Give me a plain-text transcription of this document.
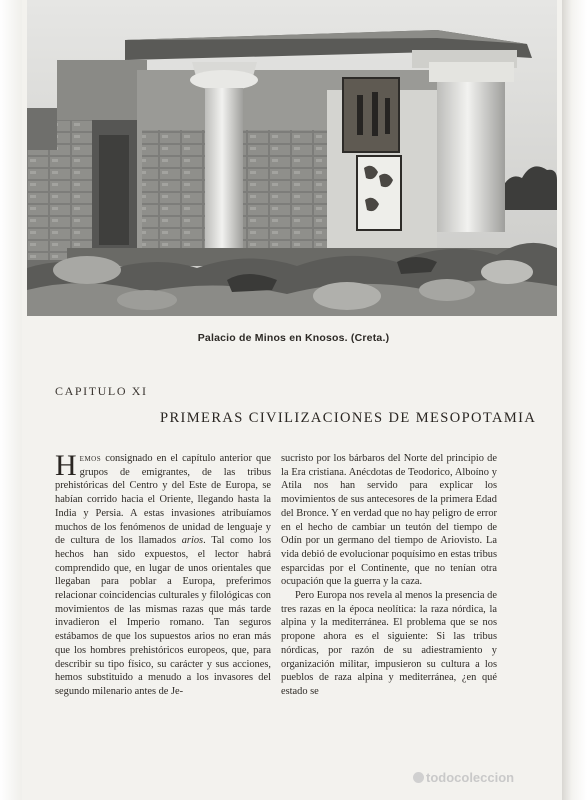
Palacio de Minos en Knosos. (Creta.)
CAPITULO XI
PRIMERAS CIVILIZACIONES DE MESOPOTAMIA

Hemos consignado en el capítulo anterior que grupos de emigrantes, de las tribus prehistóricas del Centro y del Este de Europa, se habían corrido hacia el Oriente, llegando hasta la India y Persia. A estas invasiones atribuíamos muchos de los fenómenos de unidad de lenguaje y de cultura de los llamados arios. Tal como los hechos han sido expuestos, el lector habrá comprendido que, en lugar de unos orientales que llegaban para poblar a Europa, preferimos relacionar coincidencias culturales y filológicas con movimientos de las mismas razas que más tarde invadieron el Imperio romano. Tan seguros estábamos de que los supuestos arios no eran más que los hombres prehistóricos europeos, que, para describir su tipo físico, su carácter y sus acciones, hemos substituido a menudo a los invasores del segundo milenario antes de Je-

sucristo por los bárbaros del Norte del principio de la Era cristiana. Anécdotas de Teodorico, Alboíno y Atila nos han servido para explicar los movimientos de sus antecesores de la primera Edad del Bronce. Y en verdad que no hay peligro de error en el hecho de cambiar un teutón del tiempo de Odín por un germano del tiempo de Ariovisto. La vida debió de evolucionar poquísimo en estas tribus esparcidas por el Continente, que no tenían otra ocupación que la guerra y la caza.

Pero Europa nos revela al menos la presencia de tres razas en la época neolítica: la raza nórdica, la alpina y la mediterránea. El problema que se nos propone ahora es el siguiente: Si las tribus nórdicas, por razón de su adiestramiento y organización militar, impusieron su cultura a los pueblos de raza alpina y mediterránea, ¿en qué estado se

todocoleccion
